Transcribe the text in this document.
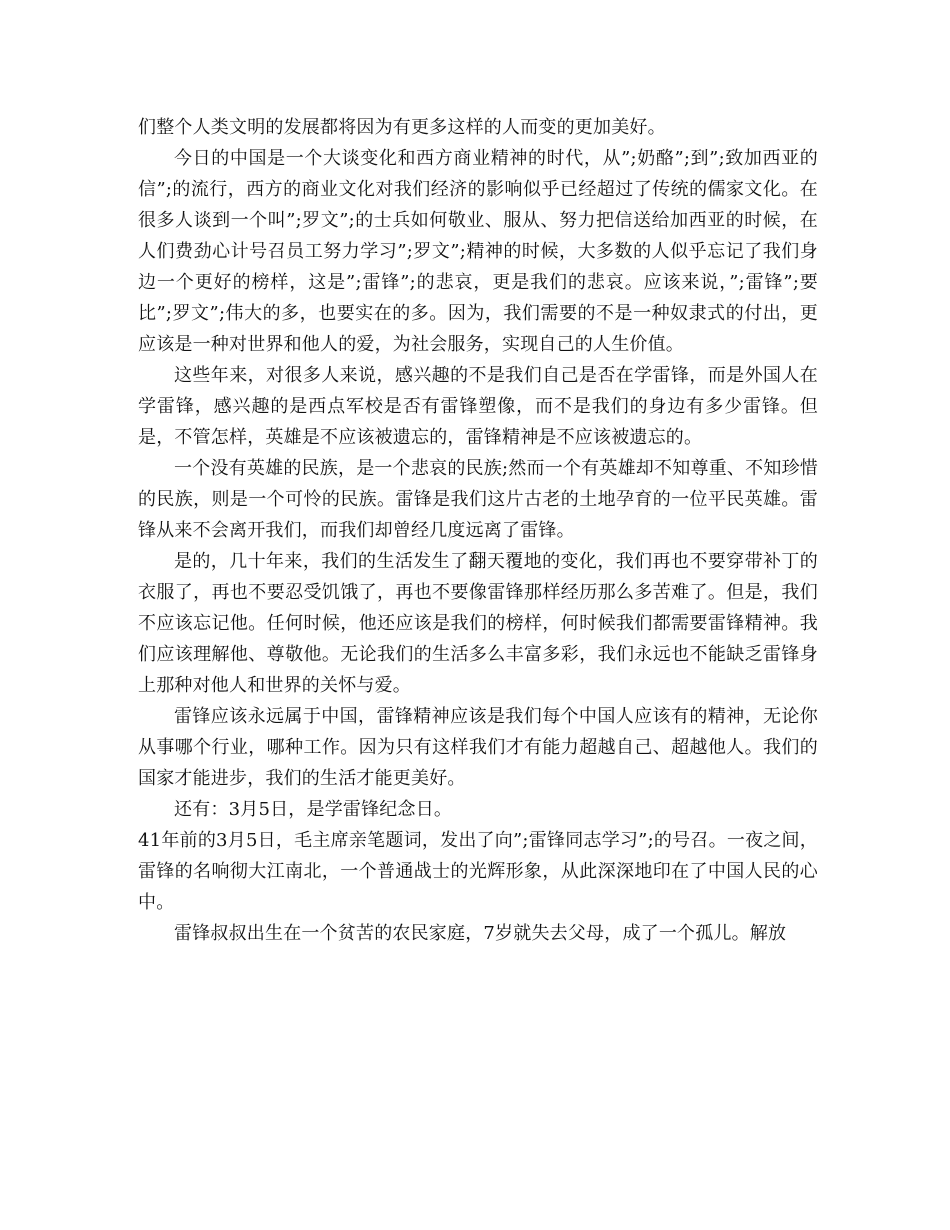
们整个人类文明的发展都将因为有更多这样的人而变的更加美好。

今日的中国是一个大谈变化和西方商业精神的时代，从”;奶酪”;到”;致加西亚的信”;的流行，西方的商业文化对我们经济的影响似乎已经超过了传统的儒家文化。在很多人谈到一个叫”;罗文”;的士兵如何敬业、服从、努力把信送给加西亚的时候，在人们费劲心计号召员工努力学习”;罗文”;精神的时候，大多数的人似乎忘记了我们身边一个更好的榜样，这是”;雷锋”;的悲哀，更是我们的悲哀。应该来说，”;雷锋”;要比”;罗文”;伟大的多，也要实在的多。因为，我们需要的不是一种奴隶式的付出，更应该是一种对世界和他人的爱，为社会服务，实现自己的人生价值。

这些年来，对很多人来说，感兴趣的不是我们自己是否在学雷锋，而是外国人在学雷锋，感兴趣的是西点军校是否有雷锋塑像，而不是我们的身边有多少雷锋。但是，不管怎样，英雄是不应该被遗忘的，雷锋精神是不应该被遗忘的。

一个没有英雄的民族，是一个悲哀的民族;然而一个有英雄却不知尊重、不知珍惜的民族，则是一个可怜的民族。雷锋是我们这片古老的土地孕育的一位平民英雄。雷锋从来不会离开我们，而我们却曾经几度远离了雷锋。

是的，几十年来，我们的生活发生了翻天覆地的变化，我们再也不要穿带补丁的衣服了，再也不要忍受饥饿了，再也不要像雷锋那样经历那么多苦难了。但是，我们不应该忘记他。任何时候，他还应该是我们的榜样，何时候我们都需要雷锋精神。我们应该理解他、尊敬他。无论我们的生活多么丰富多彩，我们永远也不能缺乏雷锋身上那种对他人和世界的关怀与爱。

雷锋应该永远属于中国，雷锋精神应该是我们每个中国人应该有的精神，无论你从事哪个行业，哪种工作。因为只有这样我们才有能力超越自己、超越他人。我们的国家才能进步，我们的生活才能更美好。

还有：3月5日，是学雷锋纪念日。

41年前的3月5日，毛主席亲笔题词，发出了向”;雷锋同志学习”;的号召。一夜之间，雷锋的名响彻大江南北，一个普通战士的光辉形象，从此深深地印在了中国人民的心中。

雷锋叔叔出生在一个贫苦的农民家庭，7岁就失去父母，成了一个孤儿。解放
